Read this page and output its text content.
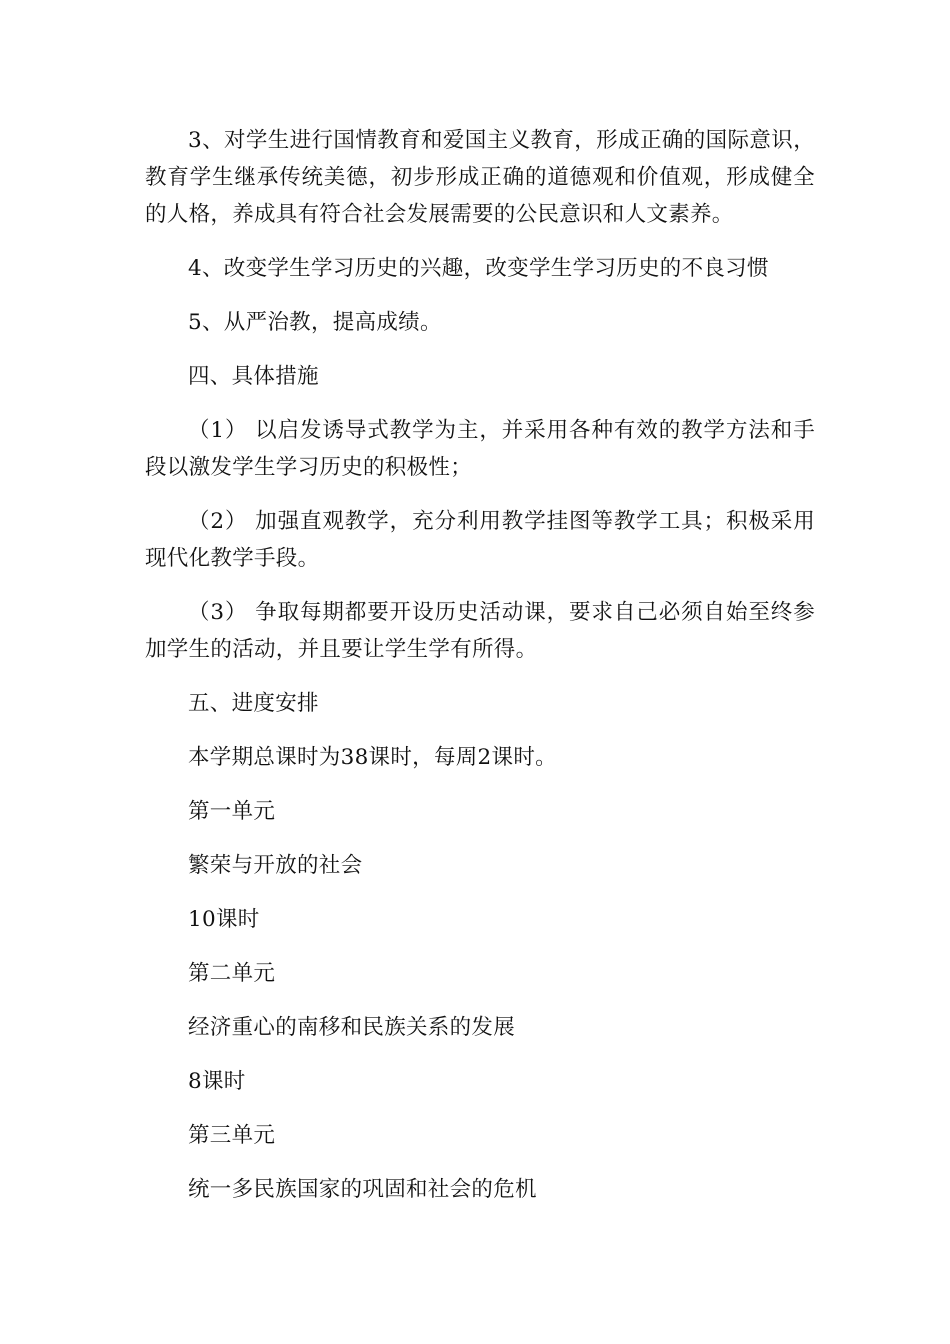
3、对学生进行国情教育和爱国主义教育，形成正确的国际意识，教育学生继承传统美德，初步形成正确的道德观和价值观，形成健全的人格，养成具有符合社会发展需要的公民意识和人文素养。

4、改变学生学习历史的兴趣，改变学生学习历史的不良习惯

5、从严治教，提高成绩。

四、具体措施

（1） 以启发诱导式教学为主，并采用各种有效的教学方法和手段以激发学生学习历史的积极性；

（2） 加强直观教学，充分利用教学挂图等教学工具；积极采用现代化教学手段。

（3） 争取每期都要开设历史活动课，要求自己必须自始至终参加学生的活动，并且要让学生学有所得。

五、进度安排

本学期总课时为38课时，每周2课时。

第一单元

繁荣与开放的社会

10课时

第二单元

经济重心的南移和民族关系的发展

8课时

第三单元

统一多民族国家的巩固和社会的危机
